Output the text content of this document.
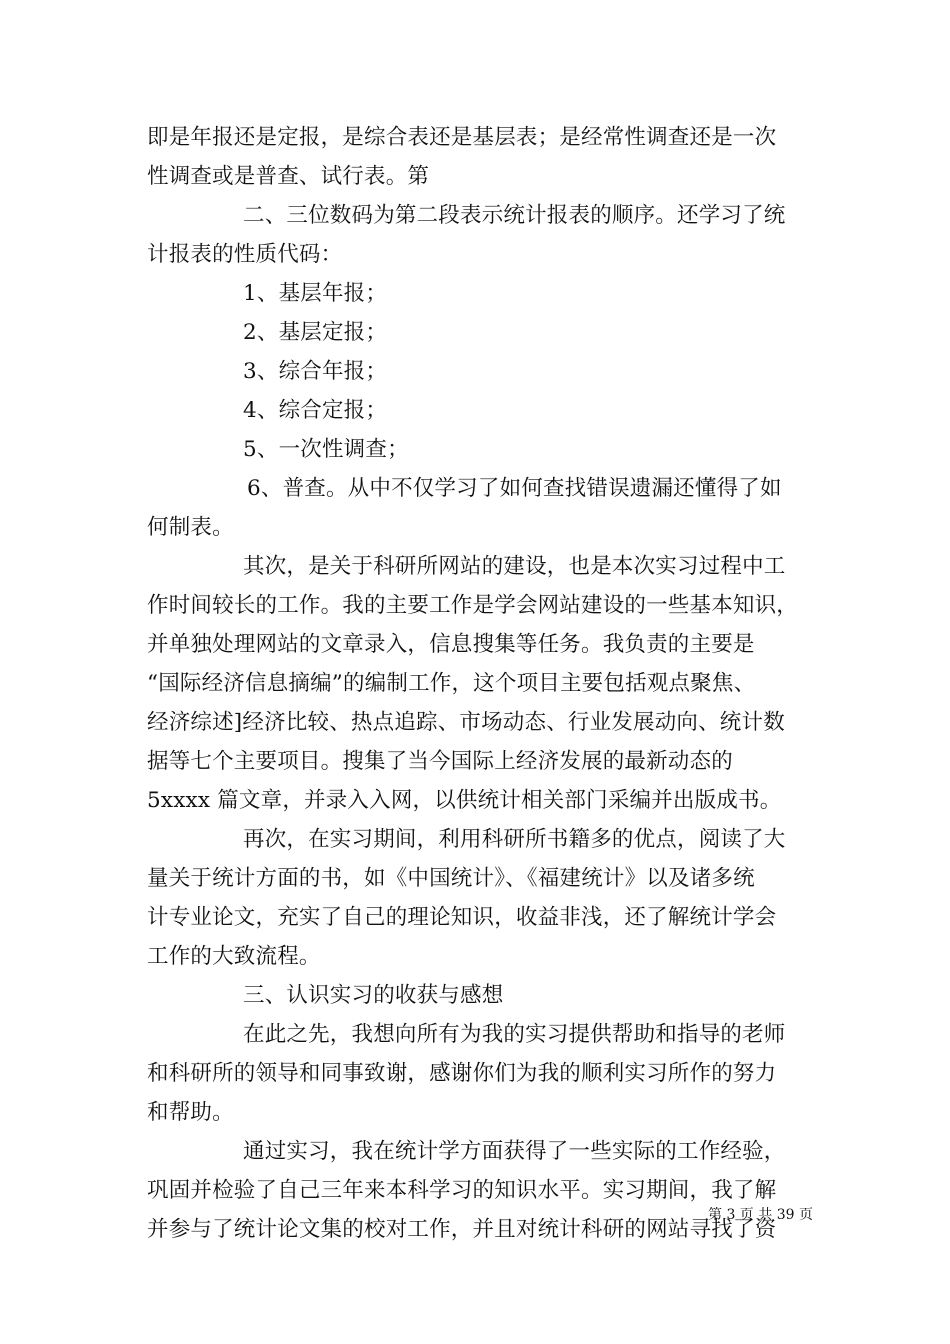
即是年报还是定报，是综合表还是基层表；是经常性调查还是一次
性调查或是普查、试行表。第
二、三位数码为第二段表示统计报表的顺序。还学习了统
计报表的性质代码：
1、基层年报；
2、基层定报；
3、综合年报；
4、综合定报；
5、一次性调查；
6、普查。从中不仅学习了如何查找错误遗漏还懂得了如
何制表。
其次，是关于科研所网站的建设，也是本次实习过程中工
作时间较长的工作。我的主要工作是学会网站建设的一些基本知识，
并单独处理网站的文章录入，信息搜集等任务。我负责的主要是
“国际经济信息摘编”的编制工作，这个项目主要包括观点聚焦、
经济综述]经济比较、热点追踪、市场动态、行业发展动向、统计数
据等七个主要项目。搜集了当今国际上经济发展的最新动态的
5xxxx 篇文章，并录入入网，以供统计相关部门采编并出版成书。
再次，在实习期间，利用科研所书籍多的优点，阅读了大
量关于统计方面的书，如《中国统计》、《福建统计》以及诸多统
计专业论文，充实了自己的理论知识，收益非浅，还了解统计学会
工作的大致流程。
三、认识实习的收获与感想
在此之先，我想向所有为我的实习提供帮助和指导的老师
和科研所的领导和同事致谢，感谢你们为我的顺利实习所作的努力
和帮助。
通过实习，我在统计学方面获得了一些实际的工作经验，
巩固并检验了自己三年来本科学习的知识水平。实习期间，我了解
并参与了统计论文集的校对工作，并且对统计科研的网站寻找了资
第 3 页 共 39 页
